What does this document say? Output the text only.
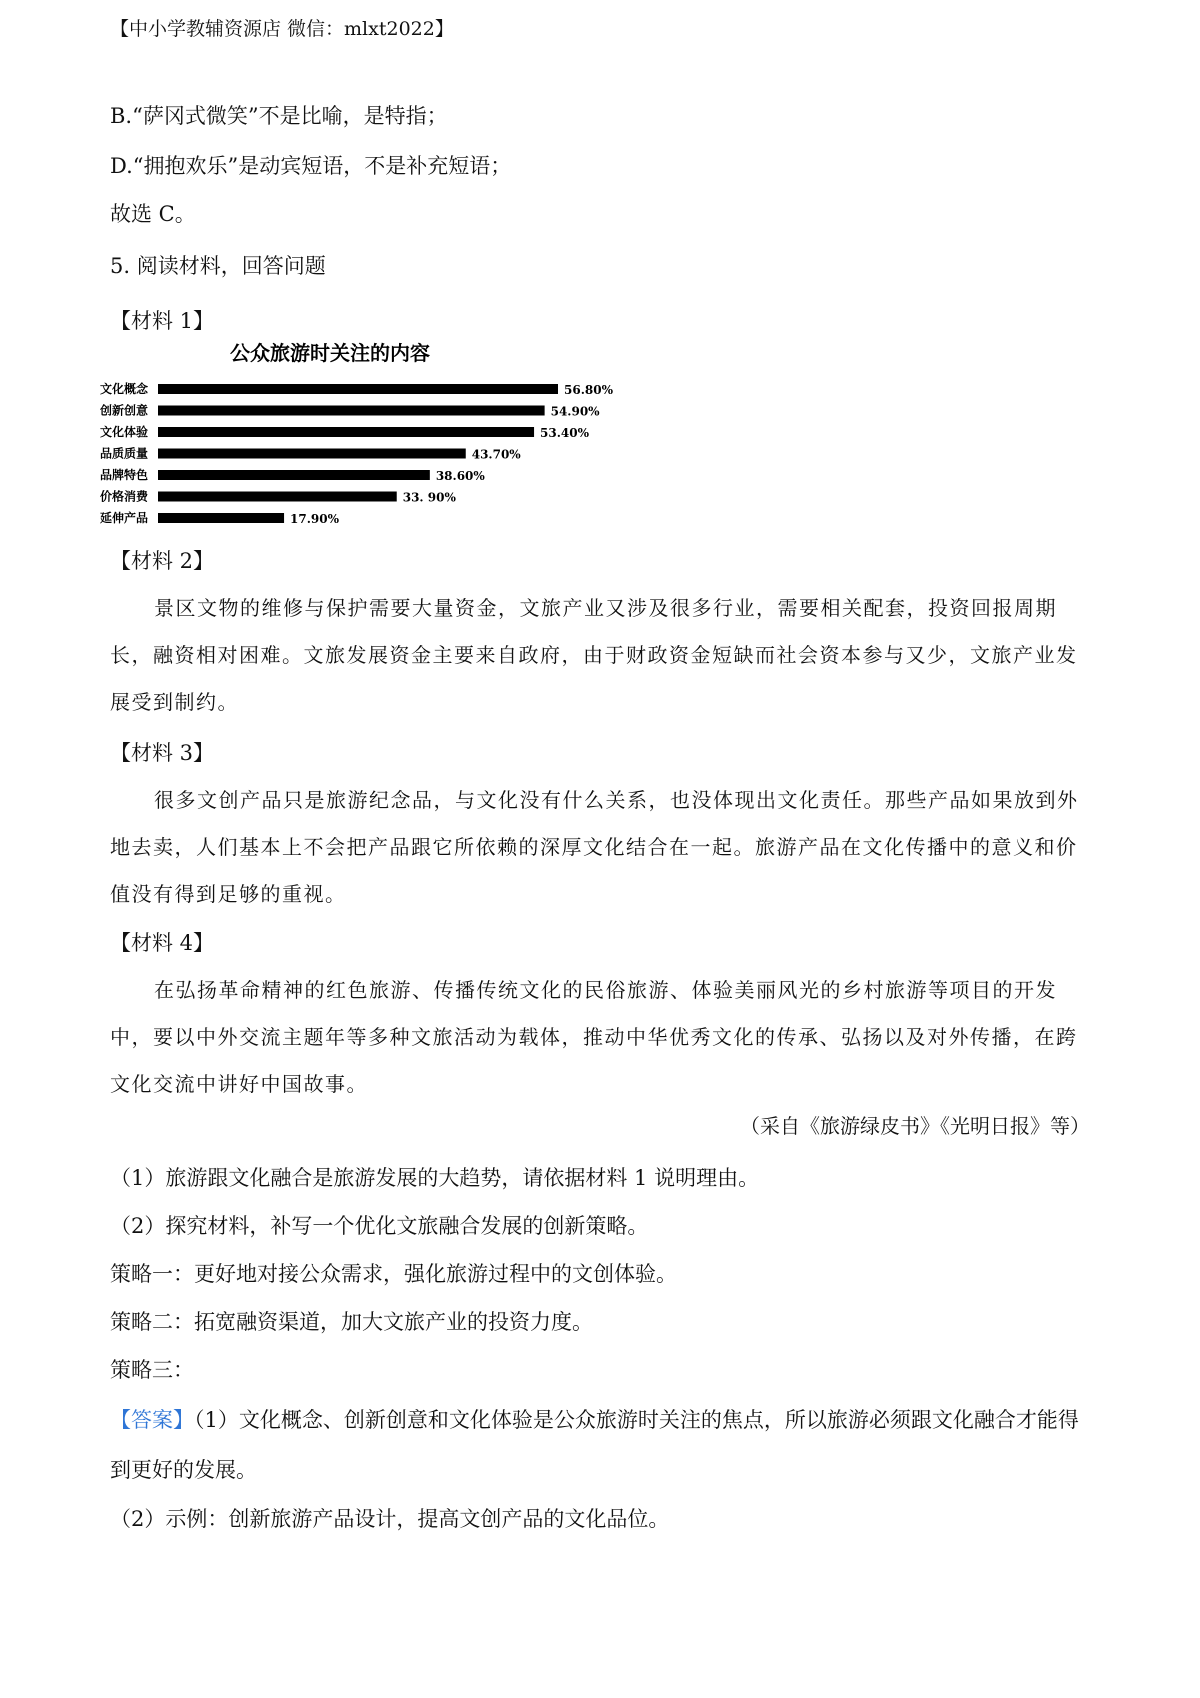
【中小学教辅资源店 微信：mlxt2022】
B.“萨冈式微笑”不是比喻，是特指；
D.“拥抱欢乐”是动宾短语，不是补充短语；
故选 C。
5. 阅读材料，回答问题
【材料 1】
公众旅游时关注的内容
文化概念	56.80%
创新创意	54.90%
文化体验	53.40%
品质质量	43.70%
品牌特色	38.60%
价格消费	33. 90%
延伸产品	17.90%
【材料 2】
景区文物的维修与保护需要大量资金，文旅产业又涉及很多行业，需要相关配套，投资回报周期长，融资相对困难。文旅发展资金主要来自政府，由于财政资金短缺而社会资本参与又少，文旅产业发展受到制约。
【材料 3】
很多文创产品只是旅游纪念品，与文化没有什么关系，也没体现出文化责任。那些产品如果放到外地去卖，人们基本上不会把产品跟它所依赖的深厚文化结合在一起。旅游产品在文化传播中的意义和价值没有得到足够的重视。
【材料 4】
在弘扬革命精神的红色旅游、传播传统文化的民俗旅游、体验美丽风光的乡村旅游等项目的开发中，要以中外交流主题年等多种文旅活动为载体，推动中华优秀文化的传承、弘扬以及对外传播，在跨文化交流中讲好中国故事。
（采自《旅游绿皮书》《光明日报》等）
（1）旅游跟文化融合是旅游发展的大趋势，请依据材料 1 说明理由。
（2）探究材料，补写一个优化文旅融合发展的创新策略。
策略一：更好地对接公众需求，强化旅游过程中的文创体验。
策略二：拓宽融资渠道，加大文旅产业的投资力度。
策略三：
【答案】（1）文化概念、创新创意和文化体验是公众旅游时关注的焦点，所以旅游必须跟文化融合才能得
到更好的发展。
（2）示例：创新旅游产品设计，提高文创产品的文化品位。
